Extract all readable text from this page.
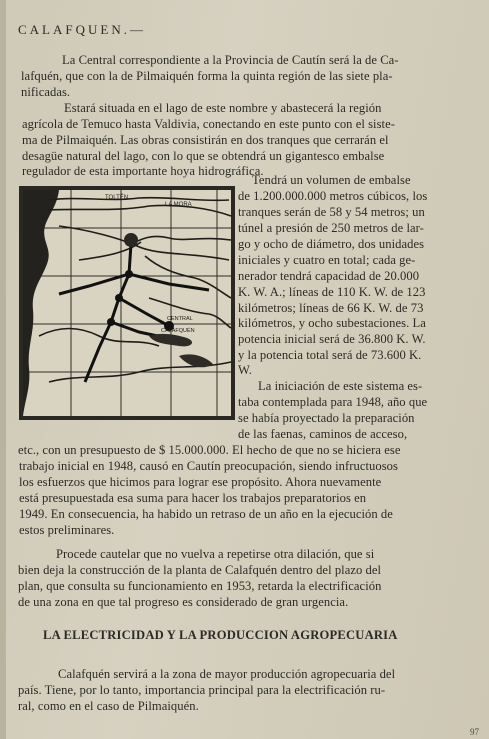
CALAFQUEN.—
La Central correspondiente a la Provincia de Cautín será la de Ca-
lafquén, que con la de Pilmaiquén forma la quinta región de las siete pla-
nificadas.
Estará situada en el lago de este nombre y abastecerá la región
agrícola de Temuco hasta Valdivia, conectando en este punto con el siste-
ma de Pilmaiquén. Las obras consistirán en dos tranques que cerrarán el
desagüe natural del lago, con lo que se obtendrá un gigantesco embalse
regulador de esta importante hoya hidrográfica.
Tendrá un volumen de embalse
de 1.200.000.000 metros cúbicos, los
tranques serán de 58 y 54 metros; un
túnel a presión de 250 metros de lar-
go y ocho de diámetro, dos unidades
iniciales y cuatro en total; cada ge-
nerador tendrá capacidad de 20.000
K. W. A.; líneas de 110 K. W. de 123
kilómetros; líneas de 66 K. W. de 73
kilómetros, y ocho subestaciones. La
potencia inicial será de 36.800 K. W.
y la potencia total será de 73.600 K.
W.
La iniciación de este sistema es-
taba contemplada para 1948, año que
se había proyectado la preparación
de las faenas, caminos de acceso,
etc., con un presupuesto de $ 15.000.000. El hecho de que no se hiciera ese
trabajo inicial en 1948, causó en Cautín preocupación, siendo infructuosos
los esfuerzos que hicimos para lograr ese propósito. Ahora nuevamente
está presupuestada esa suma para hacer los trabajos preparatorios en
1949. En consecuencia, ha habido un retraso de un año en la ejecución de
estos preliminares.
Procede cautelar que no vuelva a repetirse otra dilación, que si
bien deja la construcción de la planta de Calafquén dentro del plazo del
plan, que consulta su funcionamiento en 1953, retarda la electrificación
de una zona en que tal progreso es considerado de gran urgencia.
LA ELECTRICIDAD Y LA PRODUCCION AGROPECUARIA
Calafquén servirá a la zona de mayor producción agropecuaria del
país. Tiene, por lo tanto, importancia principal para la electrificación ru-
ral, como en el caso de Pilmaiquén.
97
TOLTÉN
LA MORA
CENTRAL
CALAFQUÉN
